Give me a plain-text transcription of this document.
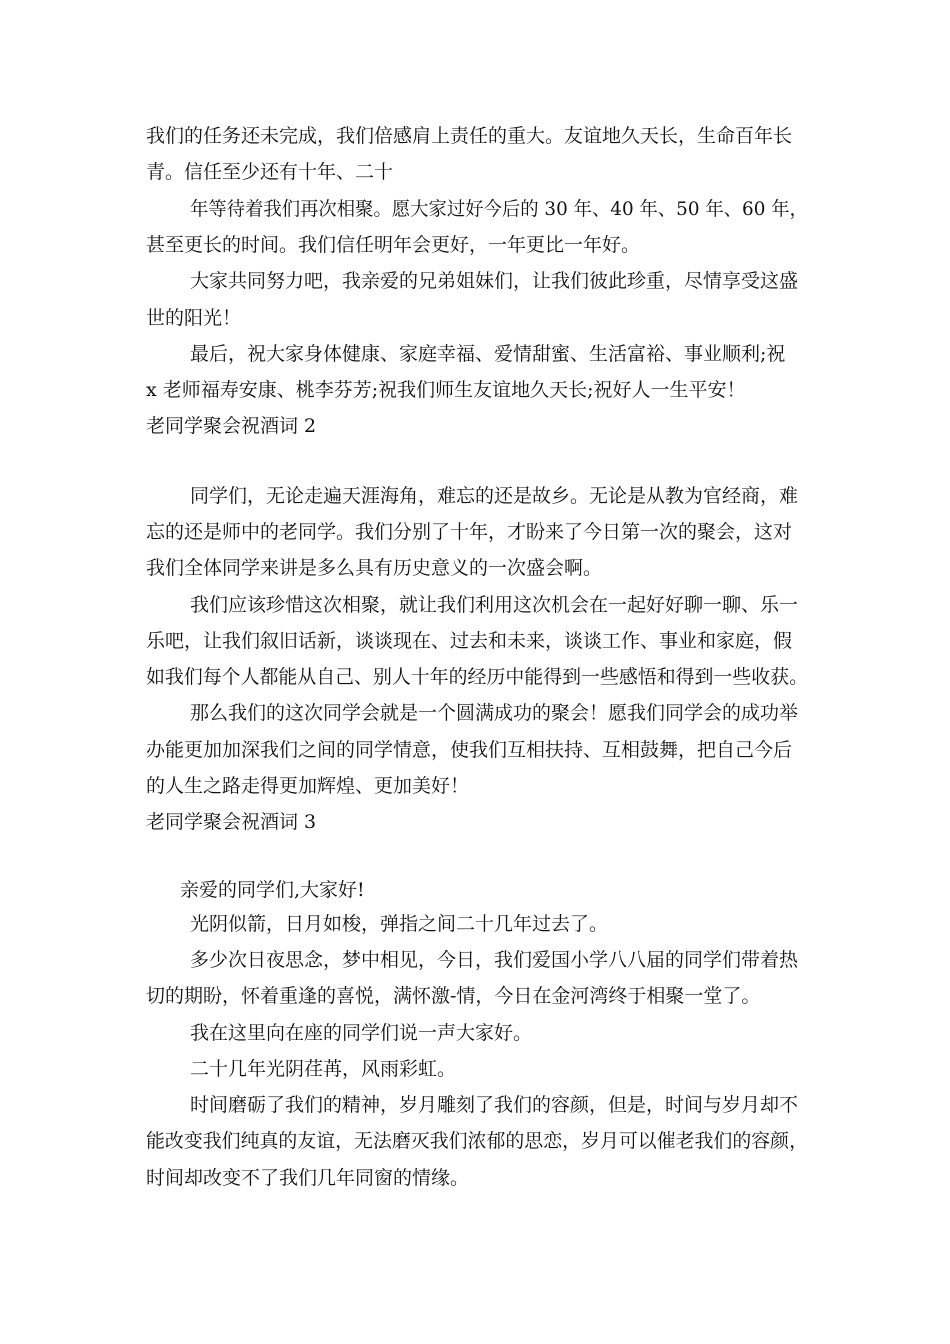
我们的任务还未完成，我们倍感肩上责任的重大。友谊地久天长，生命百年长
青。信任至少还有十年、二十
年等待着我们再次相聚。愿大家过好今后的 30 年、40 年、50 年、60 年，
甚至更长的时间。我们信任明年会更好，一年更比一年好。
大家共同努力吧，我亲爱的兄弟姐妹们，让我们彼此珍重，尽情享受这盛
世的阳光！
最后，祝大家身体健康、家庭幸福、爱情甜蜜、生活富裕、事业顺利;祝
x 老师福寿安康、桃李芬芳;祝我们师生友谊地久天长;祝好人一生平安！
老同学聚会祝酒词 2
同学们，无论走遍天涯海角，难忘的还是故乡。无论是从教为官经商，难
忘的还是师中的老同学。我们分别了十年，才盼来了今日第一次的聚会，这对
我们全体同学来讲是多么具有历史意义的一次盛会啊。
我们应该珍惜这次相聚，就让我们利用这次机会在一起好好聊一聊、乐一
乐吧，让我们叙旧话新，谈谈现在、过去和未来，谈谈工作、事业和家庭，假
如我们每个人都能从自己、别人十年的经历中能得到一些感悟和得到一些收获。
那么我们的这次同学会就是一个圆满成功的聚会！愿我们同学会的成功举
办能更加加深我们之间的同学情意，使我们互相扶持、互相鼓舞，把自己今后
的人生之路走得更加辉煌、更加美好！
老同学聚会祝酒词 3
亲爱的同学们,大家好!
光阴似箭，日月如梭，弹指之间二十几年过去了。
多少次日夜思念，梦中相见，今日，我们爱国小学八八届的同学们带着热
切的期盼，怀着重逢的喜悦，满怀激-情，今日在金河湾终于相聚一堂了。
我在这里向在座的同学们说一声大家好。
二十几年光阴荏苒，风雨彩虹。
时间磨砺了我们的精神，岁月雕刻了我们的容颜，但是，时间与岁月却不
能改变我们纯真的友谊，无法磨灭我们浓郁的思恋，岁月可以催老我们的容颜，
时间却改变不了我们几年同窗的情缘。
